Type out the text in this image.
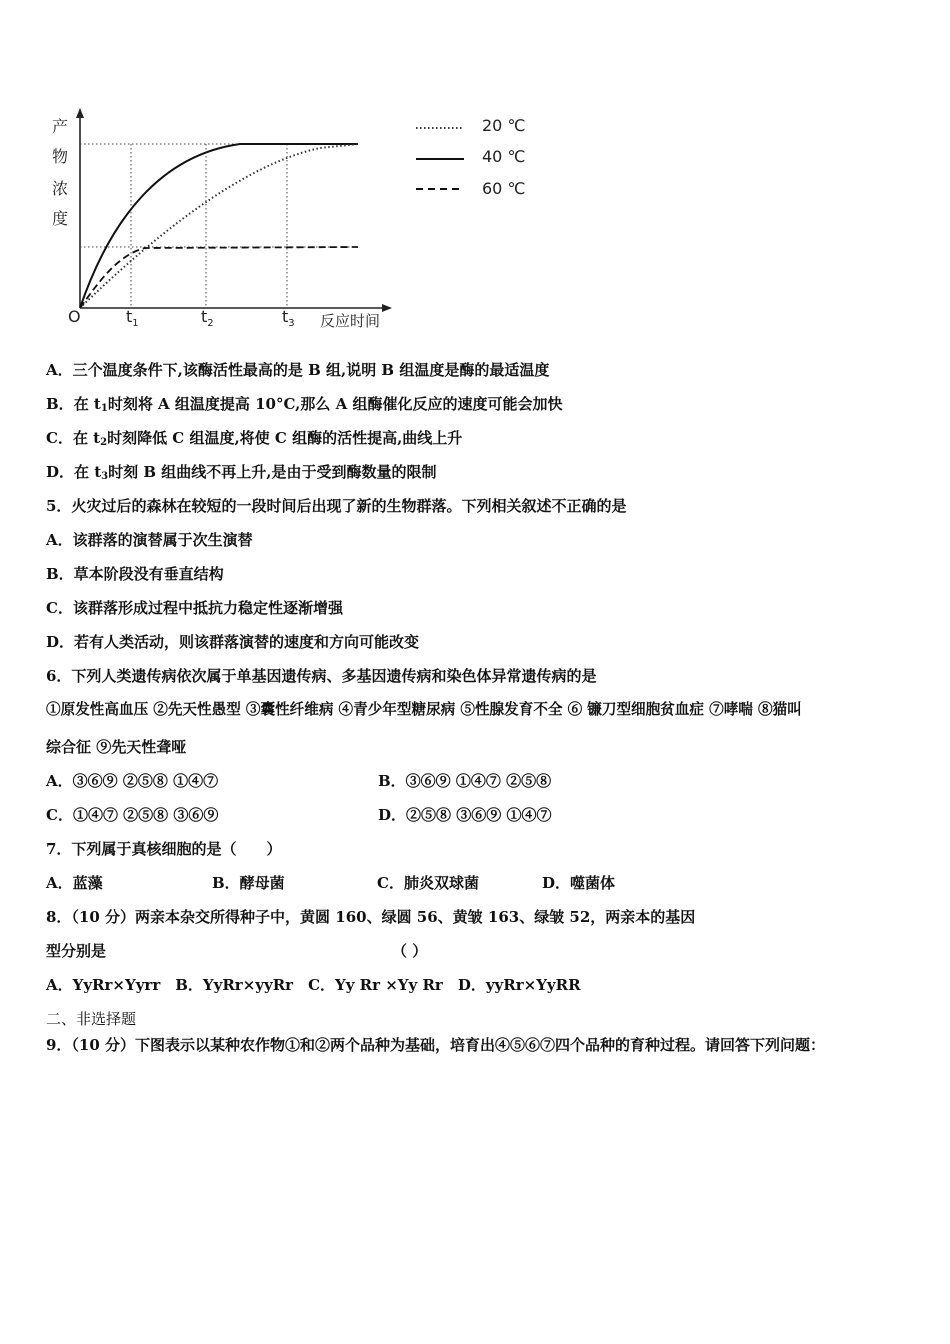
产
物
浓
度
O	$t_1$	$t_2$	$t_3$ 反应时间
20 ℃
40 ℃
60 ℃
A．三个温度条件下,该酶活性最高的是 B 组,说明 B 组温度是酶的最适温度
B．在 $t_1$时刻将 A 组温度提高 10°C,那么 A 组酶催化反应的速度可能会加快
C．在 $t_2$时刻降低 C 组温度,将使 C 组酶的活性提高,曲线上升
D．在 $t_3$时刻 B 组曲线不再上升,是由于受到酶数量的限制
5．火灾过后的森林在较短的一段时间后出现了新的生物群落。下列相关叙述不正确的是
A．该群落的演替属于次生演替
B．草本阶段没有垂直结构
C．该群落形成过程中抵抗力稳定性逐渐增强
D．若有人类活动，则该群落演替的速度和方向可能改变
6．下列人类遗传病依次属于单基因遗传病、多基因遗传病和染色体异常遗传病的是
①原发性高血压 ②先天性愚型 ③囊性纤维病 ④青少年型糖尿病 ⑤性腺发育不全 ⑥ 镰刀型细胞贫血症 ⑦哮喘 ⑧猫叫
综合征 ⑨先天性聋哑
A．③⑥⑨ ②⑤⑧ ①④⑦	B．③⑥⑨ ①④⑦ ②⑤⑧
C．①④⑦ ②⑤⑧ ③⑥⑨	D．②⑤⑧ ③⑥⑨ ①④⑦
7．下列属于真核细胞的是（　　）
A．蓝藻	B．酵母菌	C．肺炎双球菌	D．噬菌体
8．（10 分）两亲本杂交所得种子中，黄圆 160、绿圆 56、黄皱 163、绿皱 52，两亲本的基因
型分别是	（ ）
A．YyRr×Yyrr　B．YyRr×yyRr　C．Yy Rr ×Yy Rr　D．yyRr×YyRR
二、非选择题
9．（10 分）下图表示以某种农作物①和②两个品种为基础，培育出④⑤⑥⑦四个品种的育种过程。请回答下列问题：
